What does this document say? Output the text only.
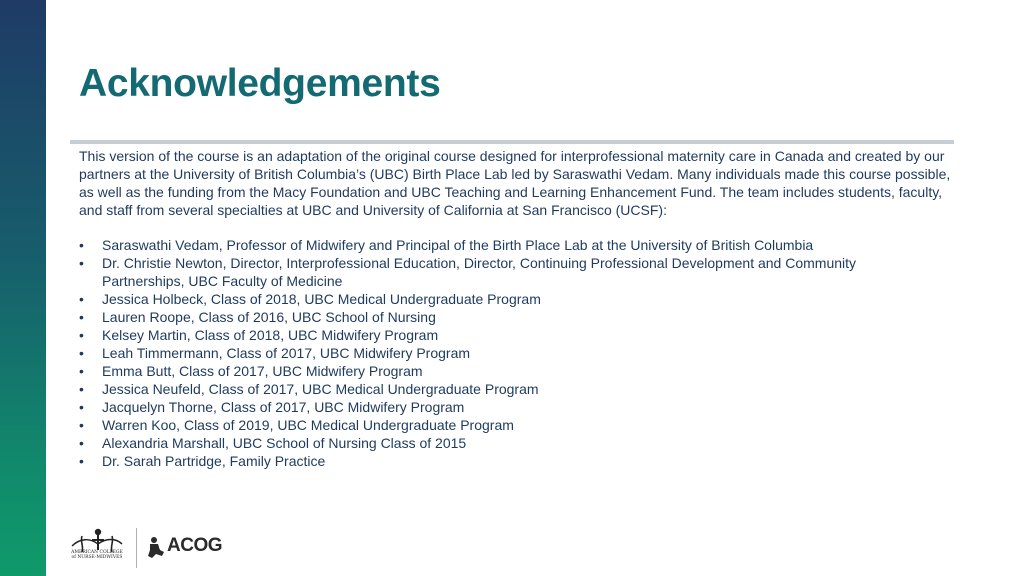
Acknowledgements

This version of the course is an adaptation of the original course designed for interprofessional maternity care in Canada and created by our partners at the University of British Columbia’s (UBC) Birth Place Lab led by Saraswathi Vedam. Many individuals made this course possible, as well as the funding from the Macy Foundation and UBC Teaching and Learning Enhancement Fund. The team includes students, faculty, and staff from several specialties at UBC and University of California at San Francisco (UCSF):

• Saraswathi Vedam, Professor of Midwifery and Principal of the Birth Place Lab at the University of British Columbia
• Dr. Christie Newton, Director, Interprofessional Education, Director, Continuing Professional Development and Community Partnerships, UBC Faculty of Medicine
• Jessica Holbeck, Class of 2018, UBC Medical Undergraduate Program
• Lauren Roope, Class of 2016, UBC School of Nursing
• Kelsey Martin, Class of 2018, UBC Midwifery Program
• Leah Timmermann, Class of 2017, UBC Midwifery Program
• Emma Butt, Class of 2017, UBC Midwifery Program
• Jessica Neufeld, Class of 2017, UBC Medical Undergraduate Program
• Jacquelyn Thorne, Class of 2017, UBC Midwifery Program
• Warren Koo, Class of 2019, UBC Medical Undergraduate Program
• Alexandria Marshall, UBC School of Nursing Class of 2015
• Dr. Sarah Partridge, Family Practice
AMERICAN COLLEGE
of NURSE-MIDWIVES
ACOG
